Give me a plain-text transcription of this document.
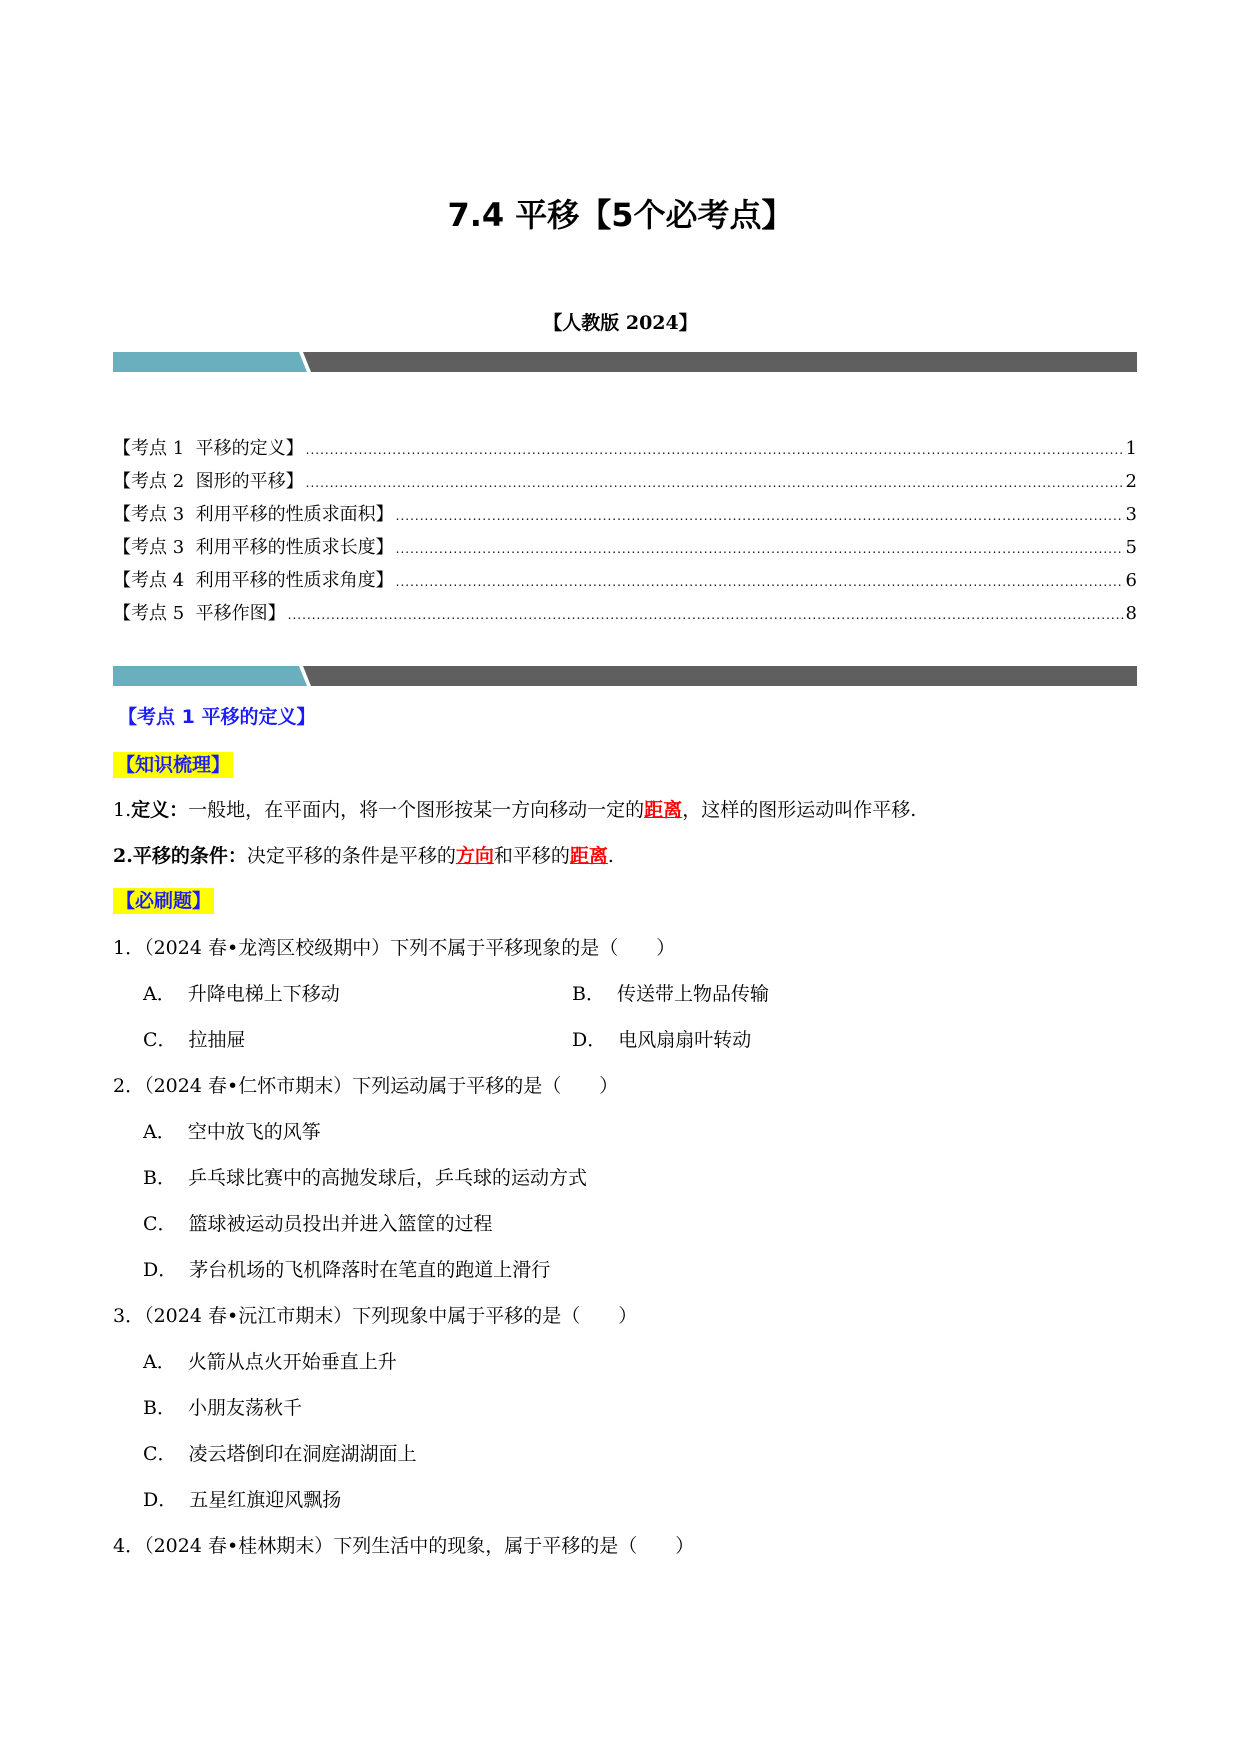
7.4 平移【5个必考点】
【人教版 2024】
【考点 1  平移的定义】 .....	1
【考点 2  图形的平移】 .....	2
【考点 3  利用平移的性质求面积】 .....	3
【考点 3  利用平移的性质求长度】 .....	5
【考点 4  利用平移的性质求角度】 .....	6
【考点 5  平移作图】 .....	8
【考点 1 平移的定义】
【知识梳理】
1.定义：一般地，在平面内，将一个图形按某一方向移动一定的距离，这样的图形运动叫作平移.
2.平移的条件：决定平移的条件是平移的方向和平移的距离.
【必刷题】
1．（2024 春•龙湾区校级期中）下列不属于平移现象的是（　　）
A． 升降电梯上下移动	B． 传送带上物品传输
C． 拉抽屉	D． 电风扇扇叶转动
2．（2024 春•仁怀市期末）下列运动属于平移的是（　　）
A． 空中放飞的风筝
B． 乒乓球比赛中的高抛发球后，乒乓球的运动方式
C． 篮球被运动员投出并进入篮筐的过程
D． 茅台机场的飞机降落时在笔直的跑道上滑行
3．（2024 春•沅江市期末）下列现象中属于平移的是（　　）
A． 火箭从点火开始垂直上升
B． 小朋友荡秋千
C． 凌云塔倒印在洞庭湖湖面上
D． 五星红旗迎风飘扬
4．（2024 春•桂林期末）下列生活中的现象，属于平移的是（　　）
